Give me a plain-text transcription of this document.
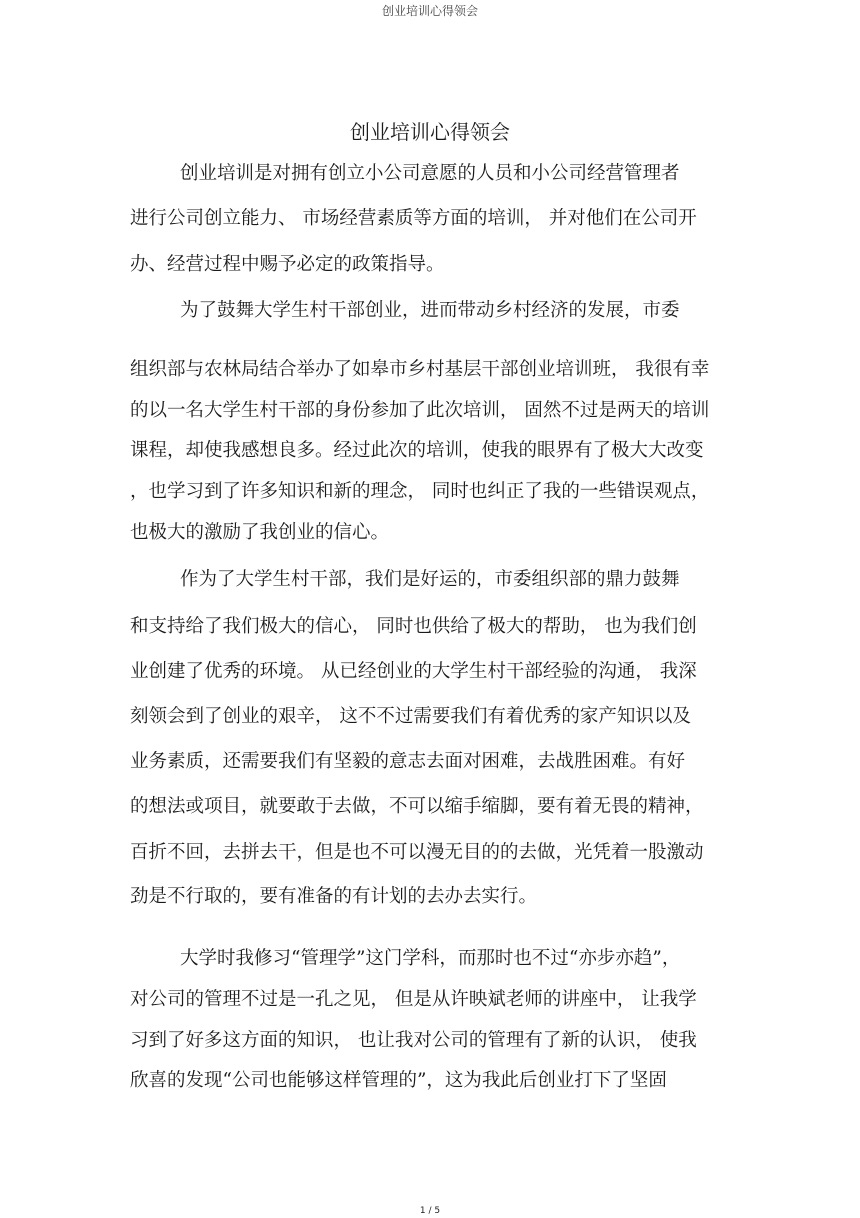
创业培训心得领会
创业培训心得领会
创业培训是对拥有创立小公司意愿的人员和小公司经营管理者
进行公司创立能力、 市场经营素质等方面的培训， 并对他们在公司开
办、经营过程中赐予必定的政策指导。
为了鼓舞大学生村干部创业，进而带动乡村经济的发展，市委
组织部与农林局结合举办了如皋市乡村基层干部创业培训班， 我很有幸
的以一名大学生村干部的身份参加了此次培训， 固然不过是两天的培训
课程，却使我感想良多。经过此次的培训，使我的眼界有了极大大改变
，也学习到了许多知识和新的理念， 同时也纠正了我的一些错误观点，
也极大的激励了我创业的信心。
作为了大学生村干部，我们是好运的，市委组织部的鼎力鼓舞
和支持给了我们极大的信心， 同时也供给了极大的帮助， 也为我们创
业创建了优秀的环境。 从已经创业的大学生村干部经验的沟通， 我深
刻领会到了创业的艰辛， 这不不过需要我们有着优秀的家产知识以及
业务素质，还需要我们有坚毅的意志去面对困难，去战胜困难。有好
的想法或项目，就要敢于去做，不可以缩手缩脚，要有着无畏的精神，
百折不回，去拼去干，但是也不可以漫无目的的去做，光凭着一股激动
劲是不行取的，要有准备的有计划的去办去实行。
大学时我修习“管理学”这门学科，而那时也不过“亦步亦趋”，
对公司的管理不过是一孔之见， 但是从许映斌老师的讲座中， 让我学
习到了好多这方面的知识， 也让我对公司的管理有了新的认识， 使我
欣喜的发现“公司也能够这样管理的”，这为我此后创业打下了坚固
1 / 5
